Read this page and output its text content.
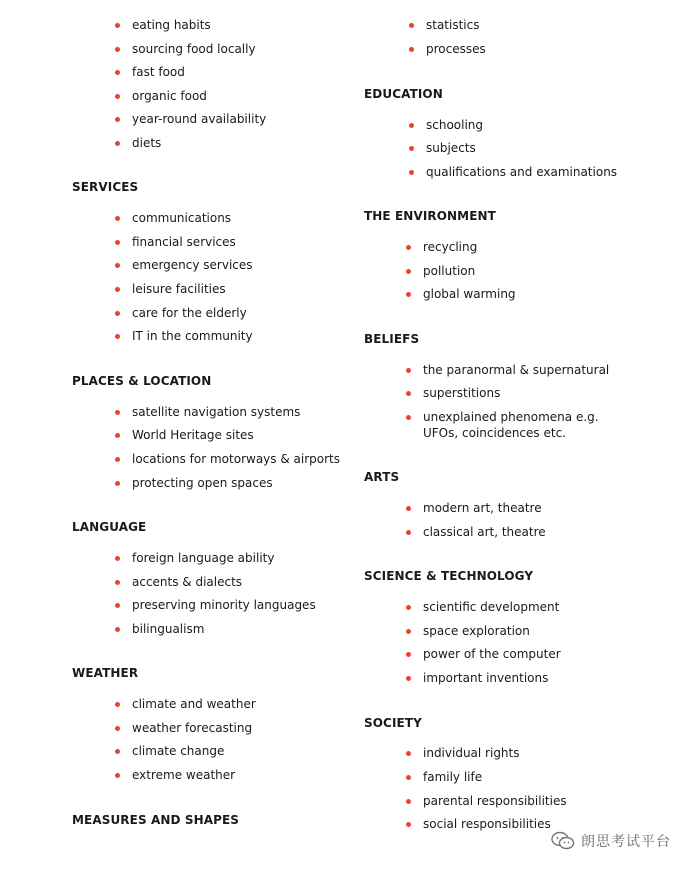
eating habits
sourcing food locally
fast food
organic food
year-round availability
diets
SERVICES
communications
financial services
emergency services
leisure facilities
care for the elderly
IT in the community
PLACES & LOCATION
satellite navigation systems
World Heritage sites
locations for motorways & airports
protecting open spaces
LANGUAGE
foreign language ability
accents & dialects
preserving minority languages
bilingualism
WEATHER
climate and weather
weather forecasting
climate change
extreme weather
MEASURES AND SHAPES
statistics
processes
EDUCATION
schooling
subjects
qualifications and examinations
THE ENVIRONMENT
recycling
pollution
global warming
BELIEFS
the paranormal & supernatural
superstitions
unexplained phenomena e.g. UFOs, coincidences etc.
ARTS
modern art, theatre
classical art, theatre
SCIENCE & TECHNOLOGY
scientific development
space exploration
power of the computer
important inventions
SOCIETY
individual rights
family life
parental responsibilities
social responsibilities
朗思考试平台
